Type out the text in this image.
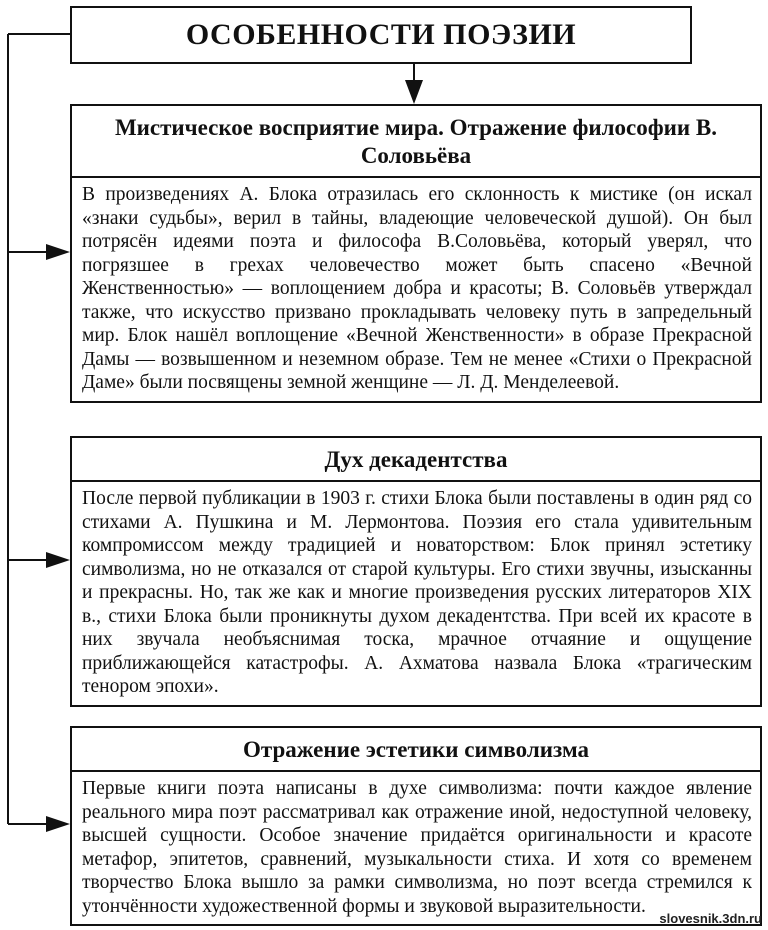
ОСОБЕННОСТИ ПОЭЗИИ
Мистическое восприятие мира. Отражение философии В. Соловьёва
В произведениях А. Блока отразилась его склонность к мистике (он искал «знаки судьбы», верил в тайны, владеющие человеческой душой). Он был потрясён идеями поэта и философа В.Соловьёва, который уверял, что погрязшее в грехах человечество может быть спасено «Вечной Женственностью» — воплощением добра и красоты; В. Соловьёв утверждал также, что искусство призвано прокладывать человеку путь в запредельный мир. Блок нашёл воплощение «Вечной Женственности» в образе Прекрасной Дамы — возвышенном и неземном образе. Тем не менее «Стихи о Прекрасной Даме» были посвящены земной женщине — Л. Д. Менделеевой.
Дух декадентства
После первой публикации в 1903 г. стихи Блока были поставлены в один ряд со стихами А. Пушкина и М. Лермонтова. Поэзия его стала удивительным компромиссом между традицией и новаторством: Блок принял эстетику символизма, но не отказался от старой культуры. Его стихи звучны, изысканны и прекрасны. Но, так же как и многие произведения русских литераторов XIX в., стихи Блока были проникнуты духом декадентства. При всей их красоте в них звучала необъяснимая тоска, мрачное отчаяние и ощущение приближающейся катастрофы. А. Ахматова назвала Блока «трагическим тенором эпохи».
Отражение эстетики символизма
Первые книги поэта написаны в духе символизма: почти каждое явление реального мира поэт рассматривал как отражение иной, недоступной человеку, высшей сущности. Особое значение придаётся оригинальности и красоте метафор, эпитетов, сравнений, музыкальности стиха. И хотя со временем творчество Блока вышло за рамки символизма, но поэт всегда стремился к утончённости художественной формы и звуковой выразительности.
slovesnik.3dn.ru
